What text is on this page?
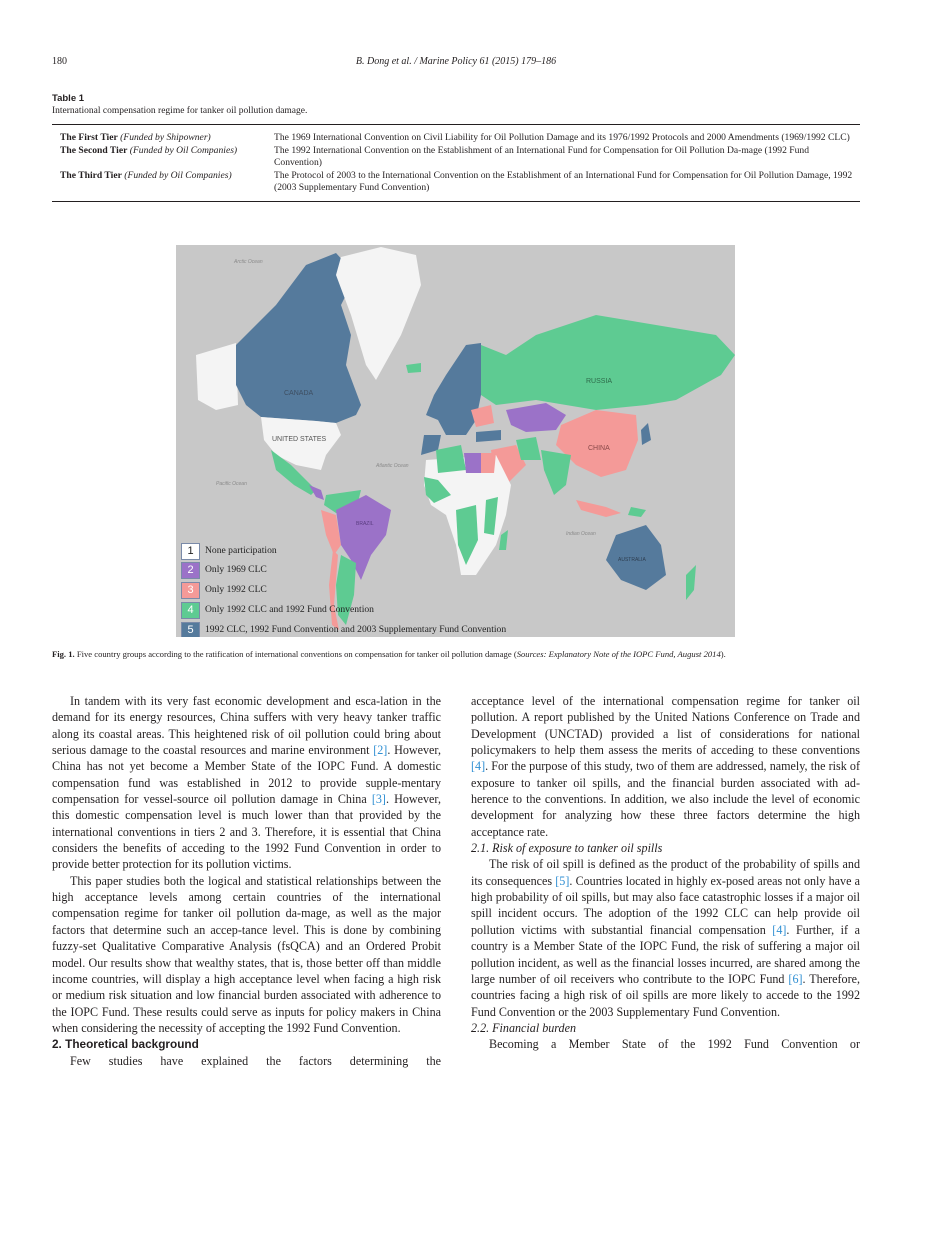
180	B. Dong et al. / Marine Policy 61 (2015) 179–186
Table 1
International compensation regime for tanker oil pollution damage.
The First Tier (Funded by Shipowner)	The 1969 International Convention on Civil Liability for Oil Pollution Damage and its 1976/1992 Protocols and 2000 Amendments (1969/1992 CLC)

The Second Tier (Funded by Oil Companies)	The 1992 International Convention on the Establishment of an International Fund for Compensation for Oil Pollution Da-mage (1992 Fund Convention)

The Third Tier (Funded by Oil Companies)	The Protocol of 2003 to the International Convention on the Establishment of an International Fund for Compensation for Oil Pollution Damage, 1992 (2003 Supplementary Fund Convention)
Arctic Ocean
Pacific Ocean
Atlantic Ocean
Indian Ocean
CANADA
UNITED STATES
RUSSIA
CHINA
BRAZIL
AUSTRALIA
1	None participation
2	Only 1969 CLC
3	Only 1992 CLC
4	Only 1992 CLC and 1992 Fund Convention
5	1992 CLC, 1992 Fund Convention and 2003 Supplementary Fund Convention
Fig. 1. Five country groups according to the ratification of international conventions on compensation for tanker oil pollution damage (Sources: Explanatory Note of the IOPC Fund, August 2014).

In tandem with its very fast economic development and esca-lation in the demand for its energy resources, China suffers with very heavy tanker traffic along its coastal areas. This heightened risk of oil pollution could bring about serious damage to the coastal resources and marine environment [2]. However, China has not yet become a Member State of the IOPC Fund. A domestic compensation fund was established in 2012 to provide supple-mentary compensation for vessel-source oil pollution damage in China [3]. However, this domestic compensation level is much lower than that provided by the international conventions in tiers 2 and 3. Therefore, it is essential that China considers the benefits of acceding to the 1992 Fund Convention in order to provide better protection for its pollution victims.

This paper studies both the logical and statistical relationships between the high acceptance levels among certain countries of the international compensation regime for tanker oil pollution da-mage, as well as the major factors that determine such an accep-tance level. This is done by combining fuzzy-set Qualitative Comparative Analysis (fsQCA) and an Ordered Probit model. Our results show that wealthy states, that is, those better off than middle income countries, will display a high acceptance level when facing a high risk or medium risk situation and low financial burden associated with adherence to the IOPC Fund. These results could serve as inputs for policy makers in China when considering the necessity of accepting the 1992 Fund Convention.

2. Theoretical background

Few studies have explained the factors determining the

acceptance level of the international compensation regime for tanker oil pollution. A report published by the United Nations Conference on Trade and Development (UNCTAD) provided a list of considerations for national policymakers to help them assess the merits of acceding to these conventions [4]. For the purpose of this study, two of them are addressed, namely, the risk of exposure to tanker oil spills, and the financial burden associated with ad-herence to the conventions. In addition, we also include the level of economic development for analyzing how these three factors determine the high acceptance rate.

2.1. Risk of exposure to tanker oil spills

The risk of oil spill is defined as the product of the probability of spills and its consequences [5]. Countries located in highly ex-posed areas not only have a high probability of oil spills, but may also face catastrophic losses if a major oil spill incident occurs. The adoption of the 1992 CLC can help provide oil pollution victims with substantial financial compensation [4]. Further, if a country is a Member State of the IOPC Fund, the risk of suffering a major oil pollution incident, as well as the financial losses incurred, are shared among the large number of oil receivers who contribute to the IOPC Fund [6]. Therefore, countries facing a high risk of oil spills are more likely to accede to the 1992 Fund Convention or the 2003 Supplementary Fund Convention.

2.2. Financial burden

Becoming a Member State of the 1992 Fund Convention or
